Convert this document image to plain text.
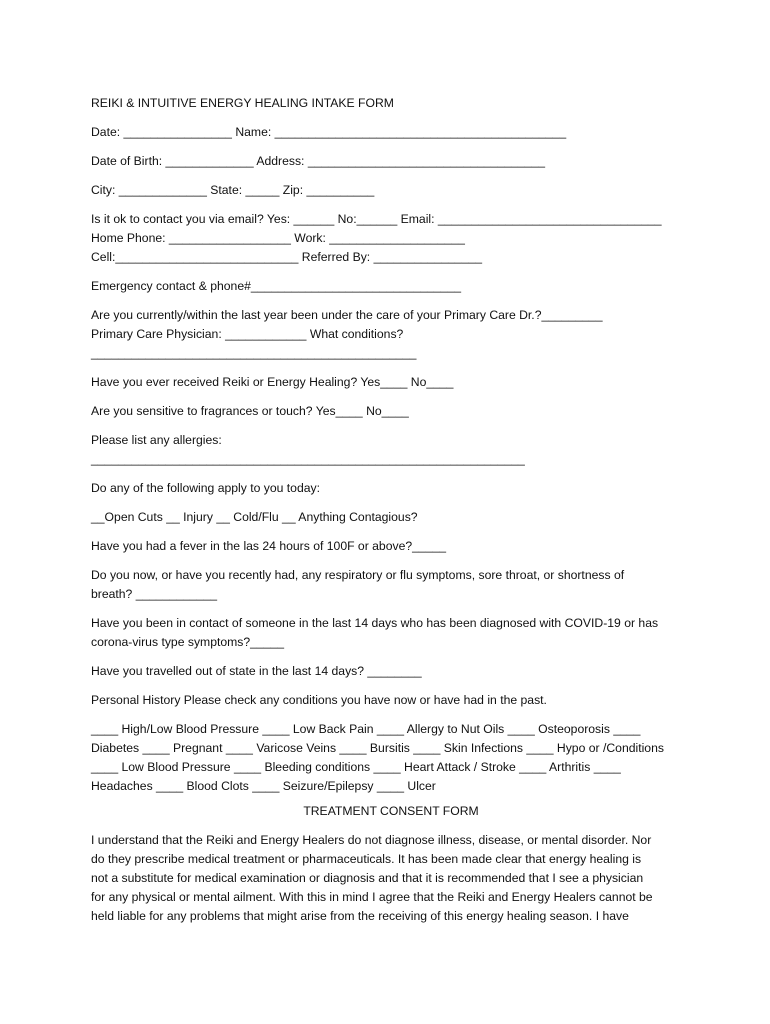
REIKI & INTUITIVE ENERGY HEALING INTAKE FORM
Date: ________________ Name: ___________________________________________
Date of Birth: _____________ Address: ___________________________________
City: _____________ State: _____ Zip: __________
Is it ok to contact you via email? Yes: ______ No:______ Email: _________________________________
Home Phone: __________________ Work: ____________________
Cell:___________________________ Referred By: ________________
Emergency contact & phone#_______________________________
Are you currently/within the last year been under the care of your Primary Care Dr.?_________
Primary Care Physician: ____________ What conditions?
________________________________________________
Have you ever received Reiki or Energy Healing? Yes____ No____
Are you sensitive to fragrances or touch? Yes____ No____
Please list any allergies:
________________________________________________________________
Do any of the following apply to you today:
__Open Cuts __ Injury __ Cold/Flu __ Anything Contagious?
Have you had a fever in the las 24 hours of 100F or above?_____
Do you now, or have you recently had, any respiratory or flu symptoms, sore throat, or shortness of
breath? ____________
Have you been in contact of someone in the last 14 days who has been diagnosed with COVID-19 or has
corona-virus type symptoms?_____
Have you travelled out of state in the last 14 days? ________
Personal History Please check any conditions you have now or have had in the past.
____ High/Low Blood Pressure ____ Low Back Pain ____ Allergy to Nut Oils ____ Osteoporosis ____
Diabetes ____ Pregnant ____ Varicose Veins ____ Bursitis ____ Skin Infections ____ Hypo or /Conditions
____ Low Blood Pressure ____ Bleeding conditions ____ Heart Attack / Stroke ____ Arthritis ____
Headaches ____ Blood Clots ____ Seizure/Epilepsy ____ Ulcer
TREATMENT CONSENT FORM
I understand that the Reiki and Energy Healers do not diagnose illness, disease, or mental disorder. Nor
do they prescribe medical treatment or pharmaceuticals. It has been made clear that energy healing is
not a substitute for medical examination or diagnosis and that it is recommended that I see a physician
for any physical or mental ailment. With this in mind I agree that the Reiki and Energy Healers cannot be
held liable for any problems that might arise from the receiving of this energy healing season. I have
